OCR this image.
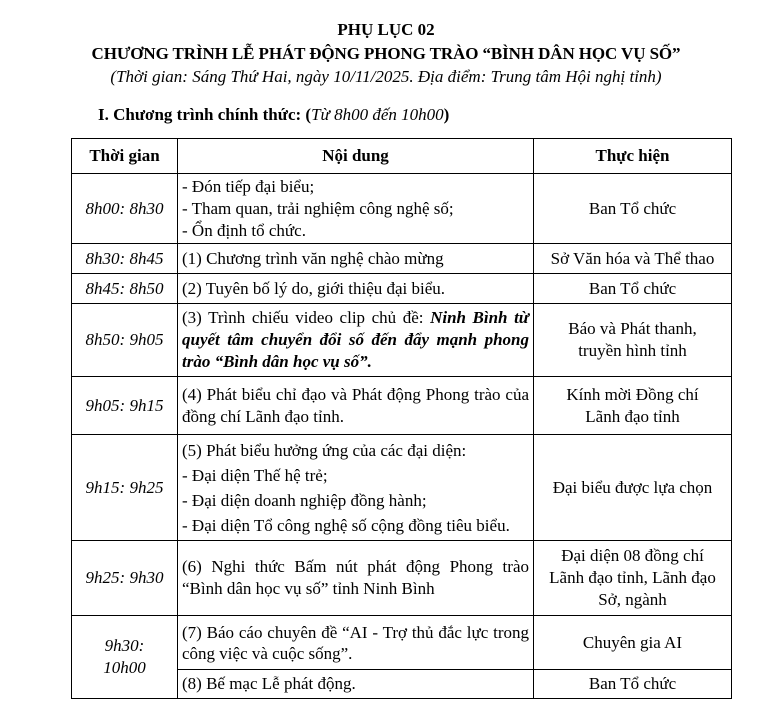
PHỤ LỤC 02
CHƯƠNG TRÌNH LỄ PHÁT ĐỘNG PHONG TRÀO “BÌNH DÂN HỌC VỤ SỐ”
(Thời gian: Sáng Thứ Hai, ngày 10/11/2025. Địa điểm: Trung tâm Hội nghị tỉnh)
I. Chương trình chính thức: (Từ 8h00 đến 10h00)
Thời gian	Nội dung	Thực hiện
8h00: 8h30	- Đón tiếp đại biểu;
- Tham quan, trải nghiệm công nghệ số;
- Ổn định tổ chức.	Ban Tổ chức
8h30: 8h45	(1) Chương trình văn nghệ chào mừng	Sở Văn hóa và Thể thao
8h45: 8h50	(2) Tuyên bố lý do, giới thiệu đại biểu.	Ban Tổ chức
8h50: 9h05	(3) Trình chiếu video clip chủ đề: Ninh Bình từ quyết tâm chuyển đổi số đến đẩy mạnh phong trào “Bình dân học vụ số”.	Báo và Phát thanh,
truyền hình tỉnh

9h05: 9h15	(4) Phát biểu chỉ đạo và Phát động Phong trào của đồng chí Lãnh đạo tỉnh.	Kính mời Đồng chí
Lãnh đạo tỉnh

9h15: 9h25	(5) Phát biểu hưởng ứng của các đại diện:
- Đại diện Thế hệ trẻ;
- Đại diện doanh nghiệp đồng hành;
- Đại diện Tổ công nghệ số cộng đồng tiêu biểu.	Đại biểu được lựa chọn
9h25: 9h30	(6) Nghi thức Bấm nút phát động Phong trào “Bình dân học vụ số” tỉnh Ninh Bình	Đại diện 08 đồng chí
Lãnh đạo tỉnh, Lãnh đạo
Sở, ngành

9h30:
10h00	(7) Báo cáo chuyên đề “AI - Trợ thủ đắc lực trong công việc và cuộc sống”.	Chuyên gia AI
	(8) Bế mạc Lễ phát động.	Ban Tổ chức
